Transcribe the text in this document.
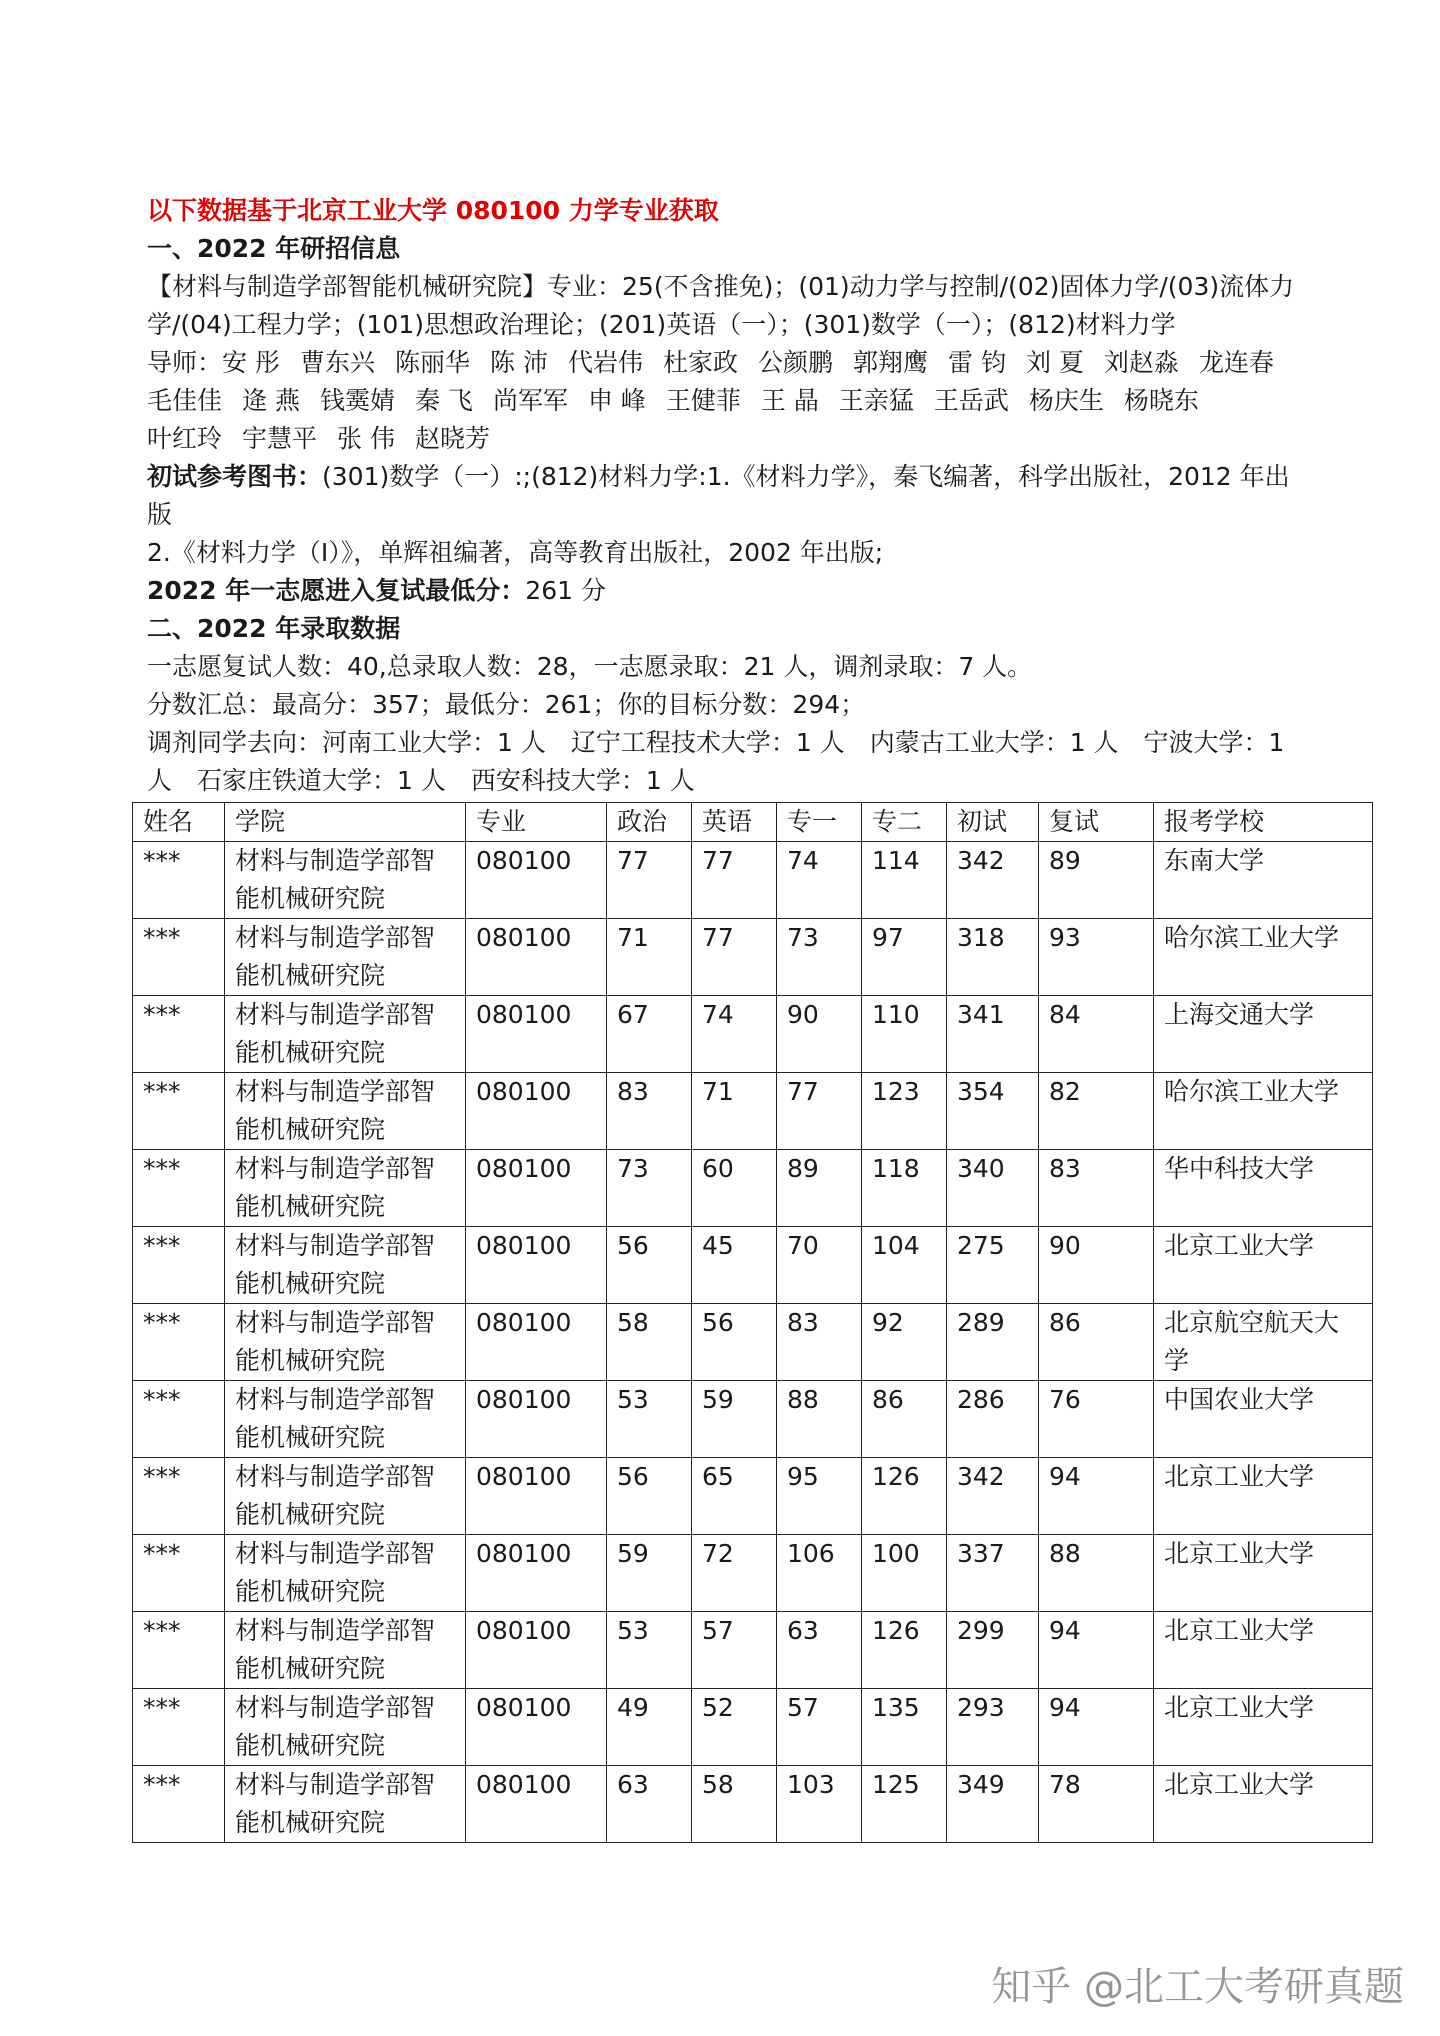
以下数据基于北京工业大学 080100 力学专业获取

一、2022 年研招信息

【材料与制造学部智能机械研究院】专业：25(不含推免)；(01)动力学与控制/(02)固体力学/(03)流体力学/(04)工程力学；(101)思想政治理论；(201)英语（一）；(301)数学（一）；(812)材料力学

导师：安 彤 曹东兴 陈丽华 陈 沛 代岩伟 杜家政 公颜鹏 郭翔鹰 雷 钧 刘 夏 刘赵淼 龙连春毛佳佳 逄 燕 钱霙婧 秦 飞 尚军军 申 峰 王健菲 王 晶 王亲猛 王岳武 杨庆生 杨晓东叶红玲 宇慧平 张 伟 赵晓芳

初试参考图书：(301)数学（一）:;(812)材料力学:1.《材料力学》，秦飞编著，科学出版社，2012 年出版

2.《材料力学（I）》，单辉祖编著，高等教育出版社，2002 年出版;

2022 年一志愿进入复试最低分：261 分

二、2022 年录取数据

一志愿复试人数：40,总录取人数：28，一志愿录取：21 人，调剂录取：7 人。

分数汇总：最高分：357；最低分：261；你的目标分数：294；

调剂同学去向：河南工业大学：1 人　辽宁工程技术大学：1 人　内蒙古工业大学：1 人　宁波大学：1 人　石家庄铁道大学：1 人　西安科技大学：1 人

姓名	学院	专业	政治	英语	专一	专二	初试	复试	报考学校
***	材料与制造学部智能机械研究院	080100	77	77	74	114	342	89	东南大学
***	材料与制造学部智能机械研究院	080100	71	77	73	97	318	93	哈尔滨工业大学
***	材料与制造学部智能机械研究院	080100	67	74	90	110	341	84	上海交通大学
***	材料与制造学部智能机械研究院	080100	83	71	77	123	354	82	哈尔滨工业大学
***	材料与制造学部智能机械研究院	080100	73	60	89	118	340	83	华中科技大学
***	材料与制造学部智能机械研究院	080100	56	45	70	104	275	90	北京工业大学
***	材料与制造学部智能机械研究院	080100	58	56	83	92	289	86	北京航空航天大学
***	材料与制造学部智能机械研究院	080100	53	59	88	86	286	76	中国农业大学
***	材料与制造学部智能机械研究院	080100	56	65	95	126	342	94	北京工业大学
***	材料与制造学部智能机械研究院	080100	59	72	106	100	337	88	北京工业大学
***	材料与制造学部智能机械研究院	080100	53	57	63	126	299	94	北京工业大学
***	材料与制造学部智能机械研究院	080100	49	52	57	135	293	94	北京工业大学
***	材料与制造学部智能机械研究院	080100	63	58	103	125	349	78	北京工业大学
知乎 @北工大考研真题
